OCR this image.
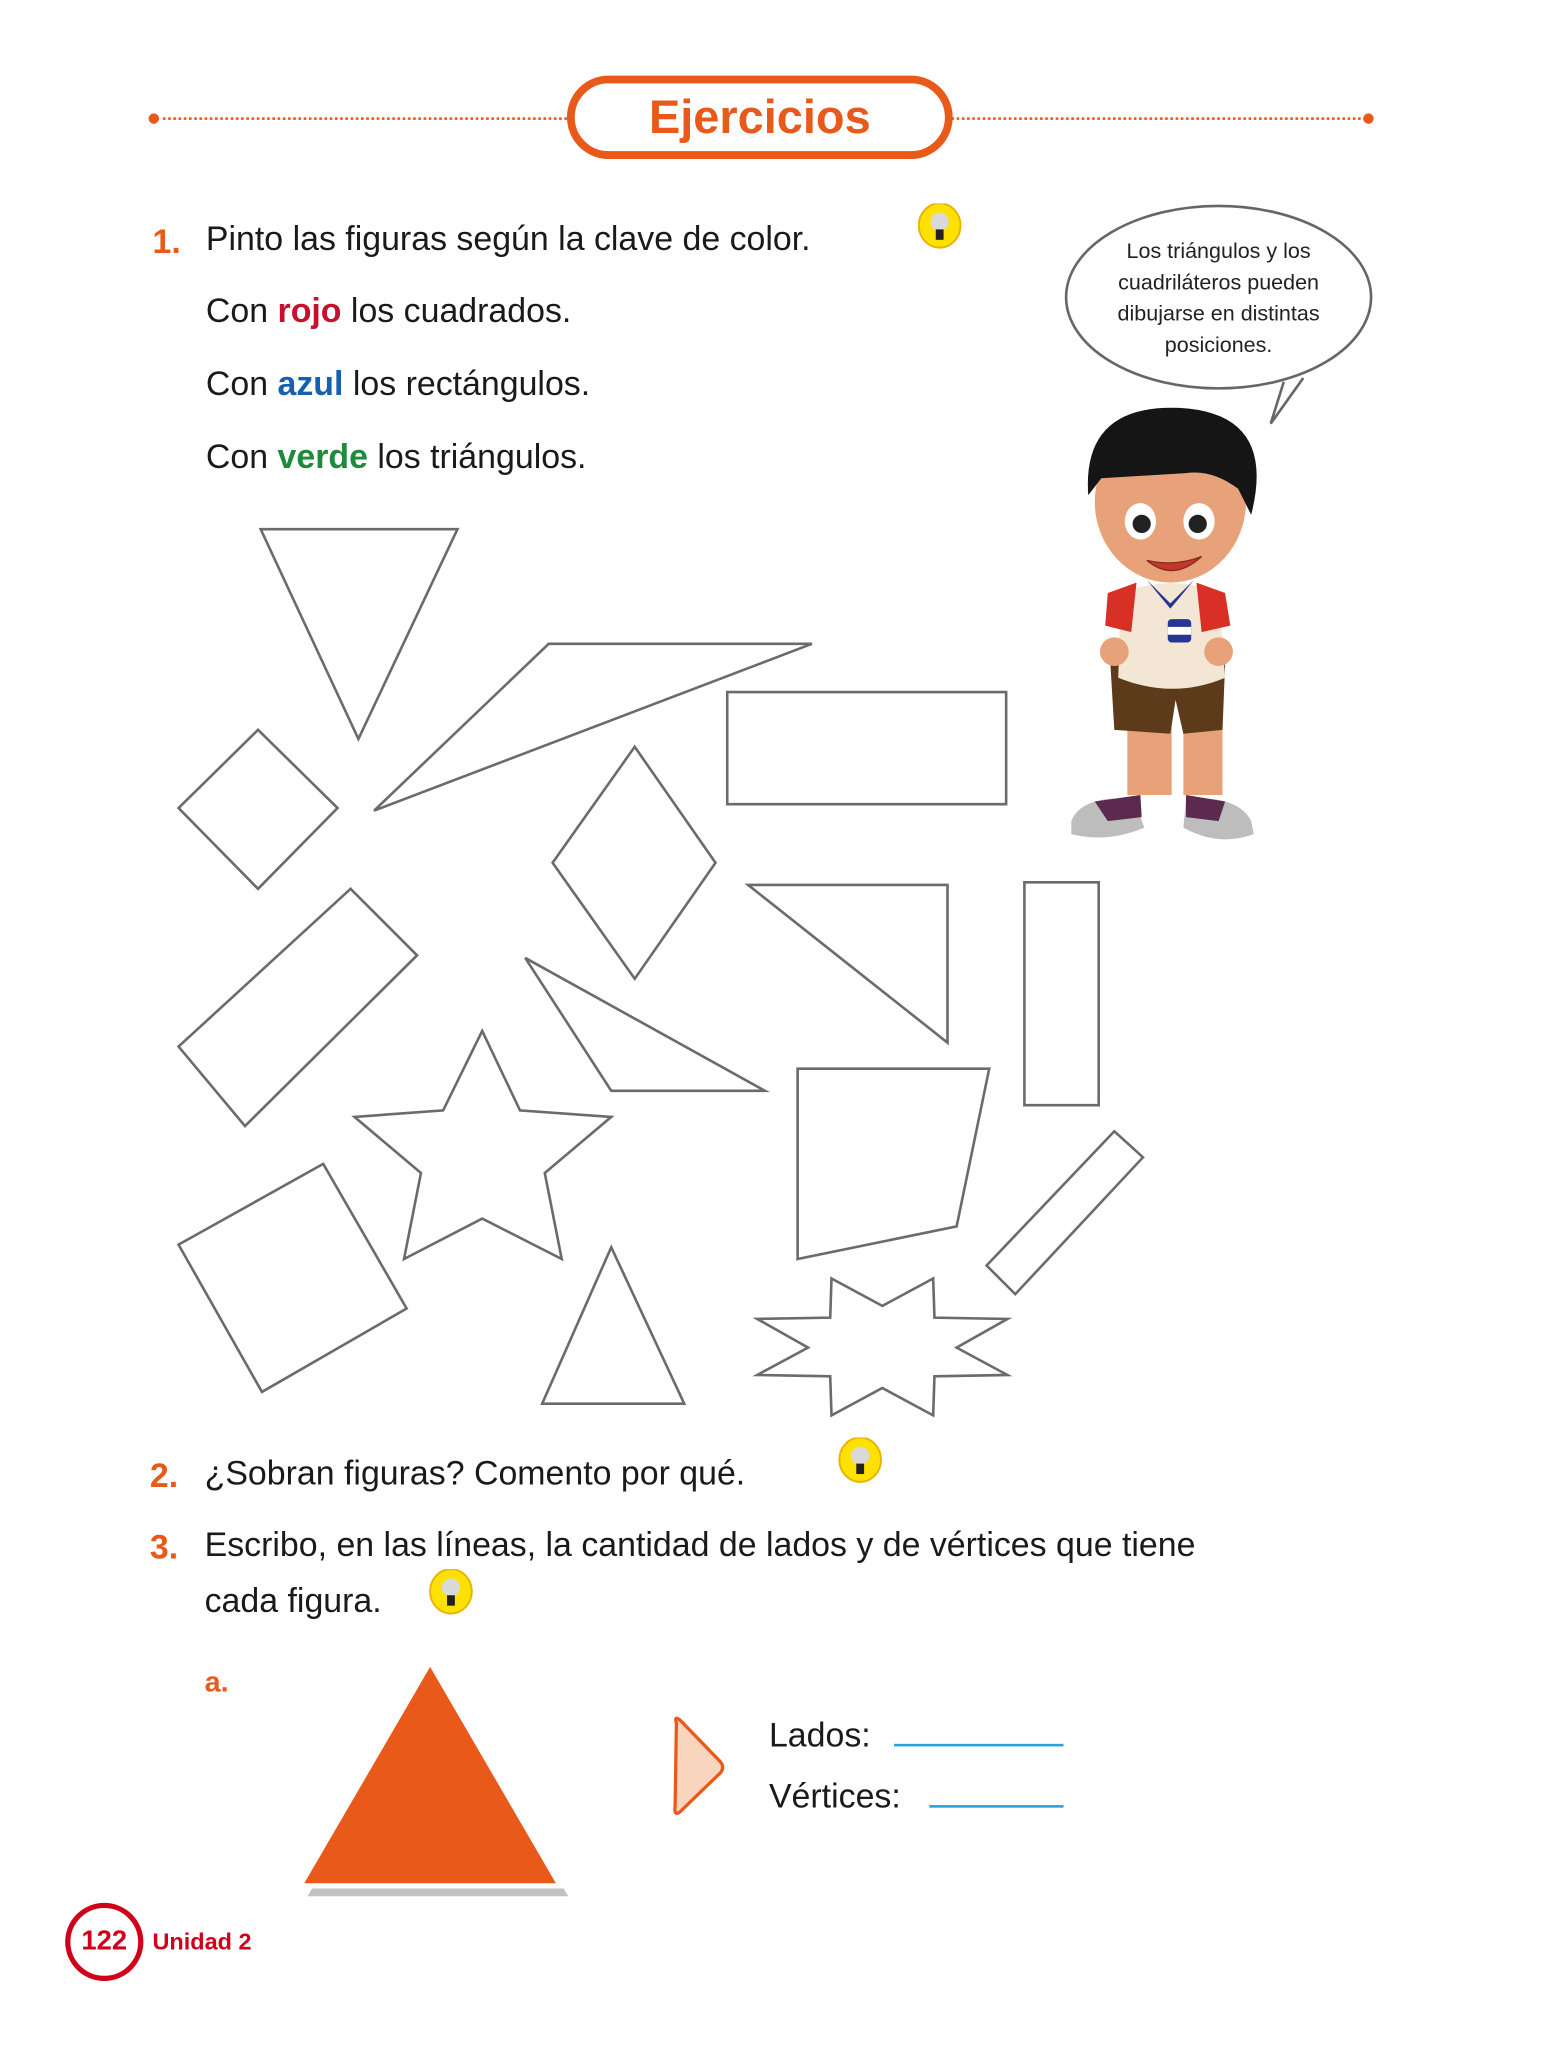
Ejercicios
1. Pinto las figuras según la clave de color.
Con rojo los cuadrados.
Con azul los rectángulos.
Con verde los triángulos.
Los triángulos y los
cuadriláteros pueden
dibujarse en distintas
posiciones.
2. ¿Sobran figuras? Comento por qué.
3. Escribo, en las líneas, la cantidad de lados y de vértices que tiene
cada figura.
a.
Lados:
Vértices:
122 Unidad 2
